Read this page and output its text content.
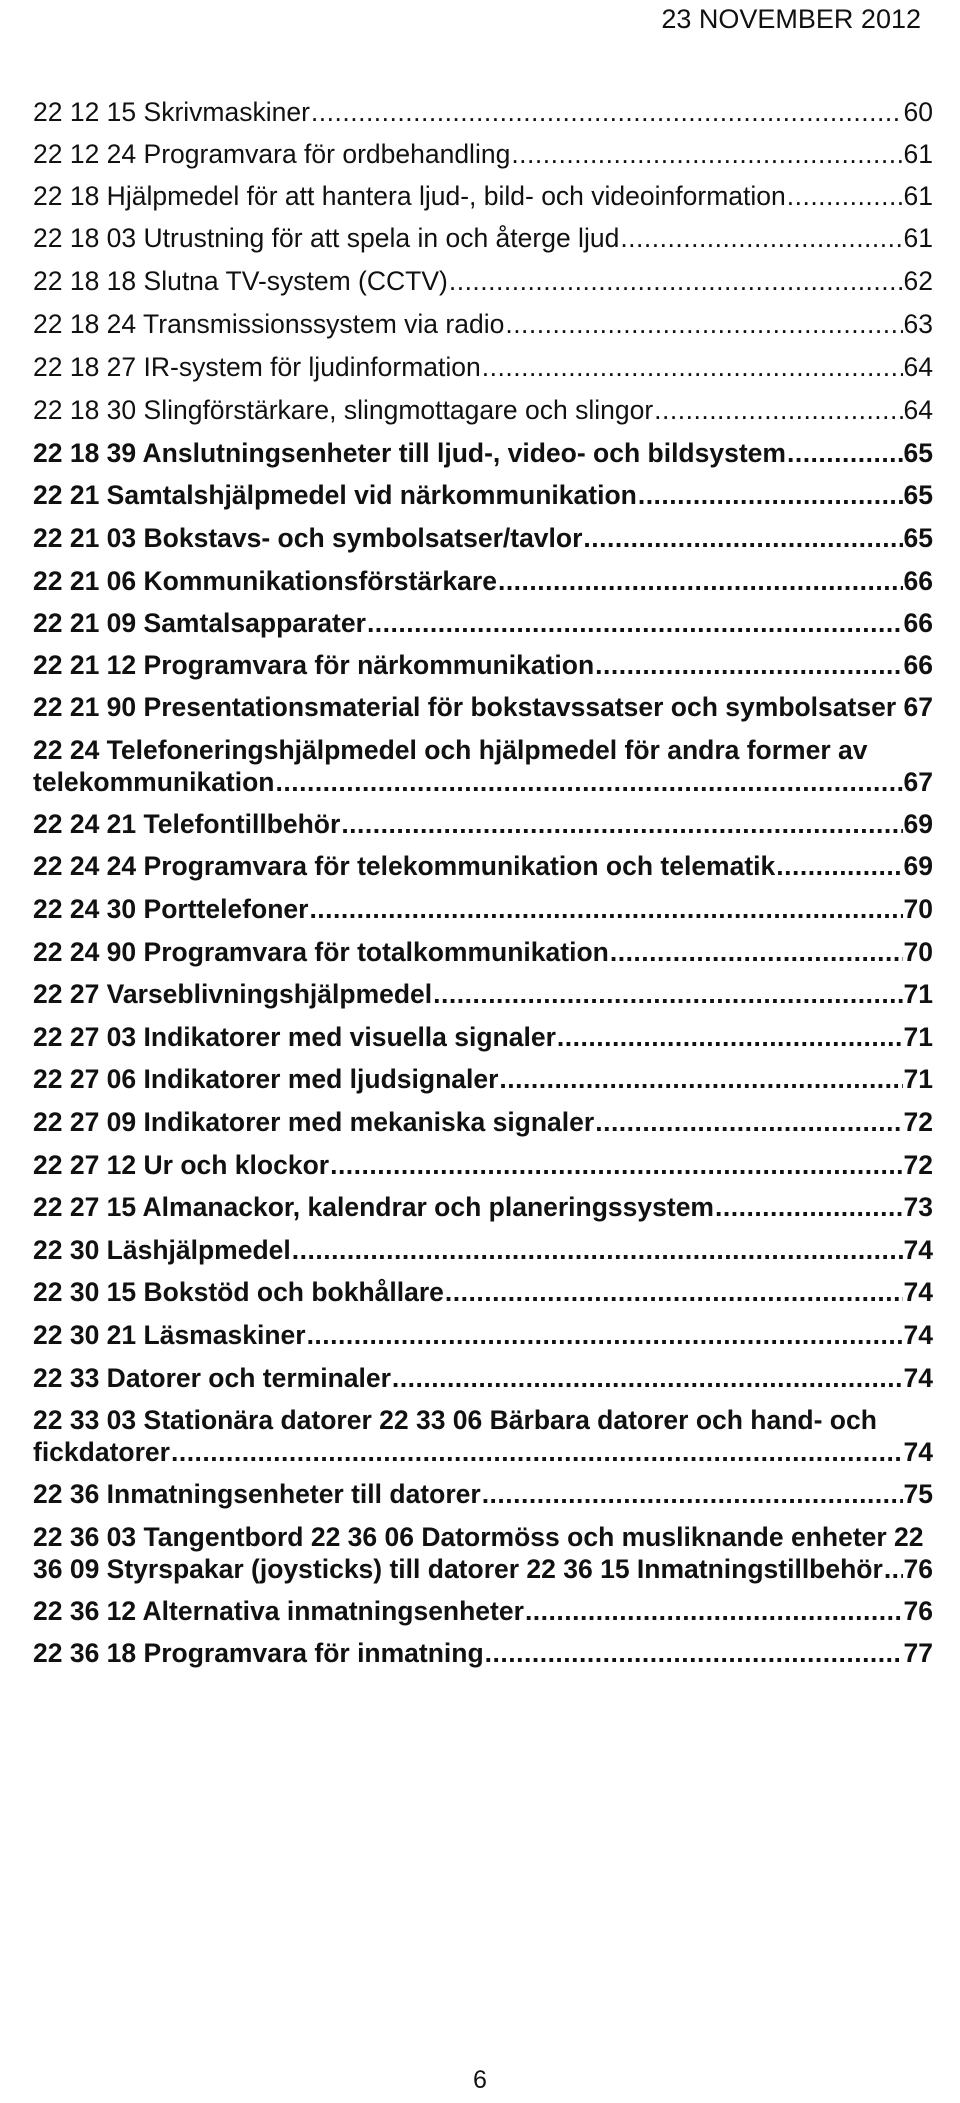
23 NOVEMBER 2012
22 12 15 Skrivmaskiner .....	60
22 12 24 Programvara för ordbehandling .....	61
22 18 Hjälpmedel för att hantera ljud-, bild- och videoinformation .....	61
22 18 03 Utrustning för att spela in och återge ljud .....	61
22 18 18 Slutna TV-system (CCTV) .....	62
22 18 24 Transmissionssystem via radio .....	63
22 18 27 IR-system för ljudinformation .....	64
22 18 30 Slingförstärkare, slingmottagare och slingor .....	64
22 18 39 Anslutningsenheter till ljud-, video- och bildsystem .....	65
22 21 Samtalshjälpmedel vid närkommunikation .....	65
22 21 03 Bokstavs- och symbolsatser/tavlor .....	65
22 21 06 Kommunikationsförstärkare .....	66
22 21 09 Samtalsapparater .....	66
22 21 12 Programvara för närkommunikation .....	66
22 21 90 Presentationsmaterial för bokstavssatser och symbolsatser 67
22 24 Telefoneringshjälpmedel och hjälpmedel för andra former av
telekommunikation .....	67
22 24 21 Telefontillbehör .....	69
22 24 24 Programvara för telekommunikation och telematik .....	69
22 24 30 Porttelefoner .....	70
22 24 90 Programvara för totalkommunikation .....	70
22 27 Varseblivningshjälpmedel .....	71
22 27 03 Indikatorer med visuella signaler .....	71
22 27 06 Indikatorer med ljudsignaler .....	71
22 27 09 Indikatorer med mekaniska signaler .....	72
22 27 12 Ur och klockor .....	72
22 27 15 Almanackor, kalendrar och planeringssystem .....	73
22 30 Läshjälpmedel .....	74
22 30 15 Bokstöd och bokhållare .....	74
22 30 21 Läsmaskiner .....	74
22 33 Datorer och terminaler .....	74
22 33 03 Stationära datorer 22 33 06 Bärbara datorer och hand- och
fickdatorer .....	74
22 36 Inmatningsenheter till datorer .....	75
22 36 03 Tangentbord 22 36 06 Datormöss och musliknande enheter 22
36 09 Styrspakar (joysticks) till datorer 22 36 15 Inmatningstillbehör ..... 76
22 36 12 Alternativa inmatningsenheter .....	76
22 36 18 Programvara för inmatning .....	77
6
